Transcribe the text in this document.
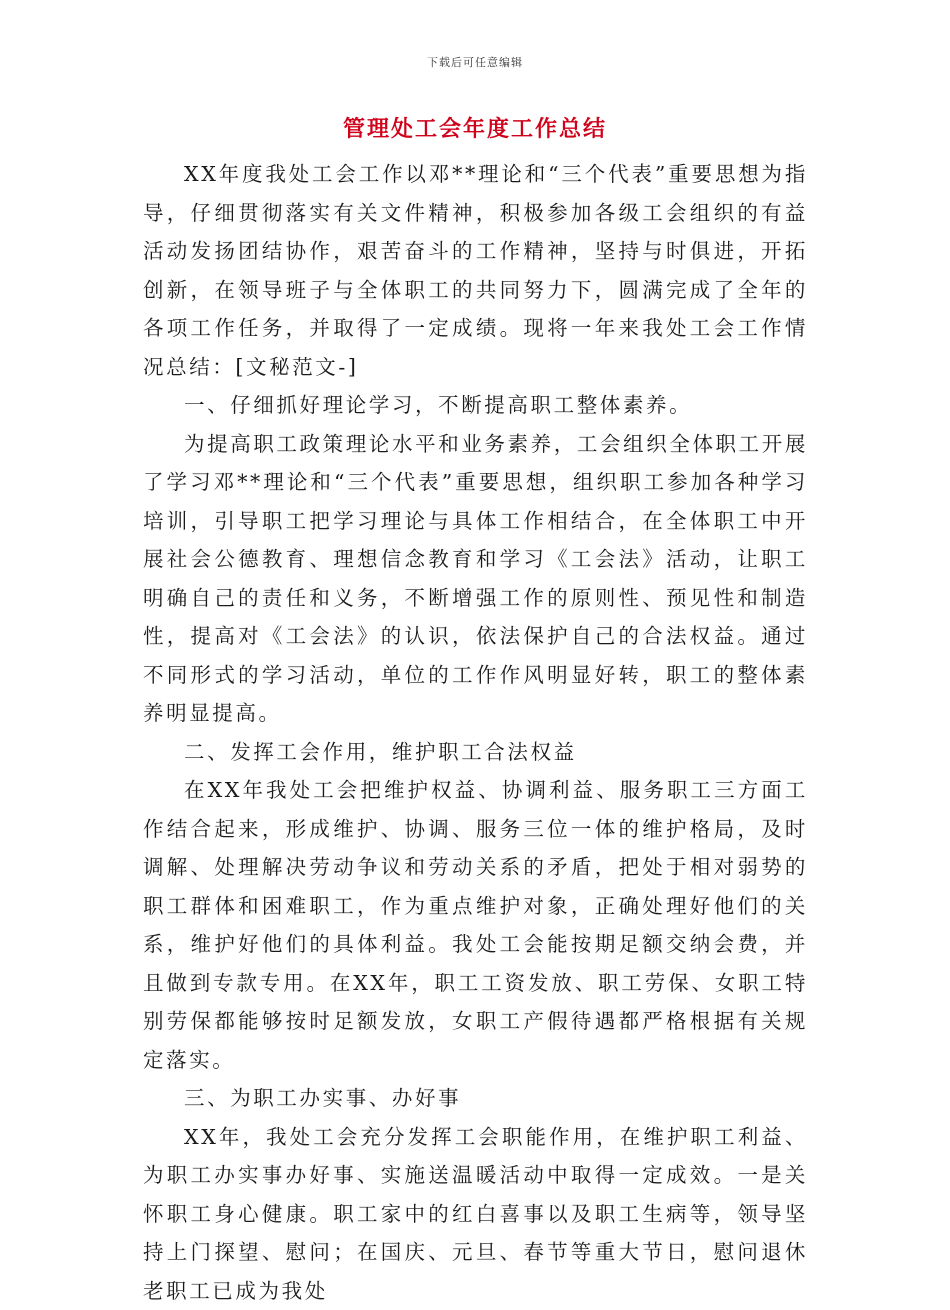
下载后可任意编辑
管理处工会年度工作总结

XX年度我处工会工作以邓**理论和“三个代表”重要思想为指导，仔细贯彻落实有关文件精神，积极参加各级工会组织的有益活动发扬团结协作，艰苦奋斗的工作精神，坚持与时俱进，开拓创新，在领导班子与全体职工的共同努力下，圆满完成了全年的各项工作任务，并取得了一定成绩。现将一年来我处工会工作情况总结：[文秘范文-]

一、仔细抓好理论学习，不断提高职工整体素养。

为提高职工政策理论水平和业务素养，工会组织全体职工开展了学习邓**理论和“三个代表”重要思想，组织职工参加各种学习培训，引导职工把学习理论与具体工作相结合，在全体职工中开展社会公德教育、理想信念教育和学习《工会法》活动，让职工明确自己的责任和义务，不断增强工作的原则性、预见性和制造性，提高对《工会法》的认识，依法保护自己的合法权益。通过不同形式的学习活动，单位的工作作风明显好转，职工的整体素养明显提高。

二、发挥工会作用，维护职工合法权益

在XX年我处工会把维护权益、协调利益、服务职工三方面工作结合起来，形成维护、协调、服务三位一体的维护格局，及时调解、处理解决劳动争议和劳动关系的矛盾，把处于相对弱势的职工群体和困难职工，作为重点维护对象，正确处理好他们的关系，维护好他们的具体利益。我处工会能按期足额交纳会费，并且做到专款专用。在XX年，职工工资发放、职工劳保、女职工特别劳保都能够按时足额发放，女职工产假待遇都严格根据有关规定落实。

三、为职工办实事、办好事

XX年，我处工会充分发挥工会职能作用，在维护职工利益、为职工办实事办好事、实施送温暖活动中取得一定成效。一是关怀职工身心健康。职工家中的红白喜事以及职工生病等，领导坚持上门探望、慰问；在国庆、元旦、春节等重大节日，慰问退休老职工已成为我处
